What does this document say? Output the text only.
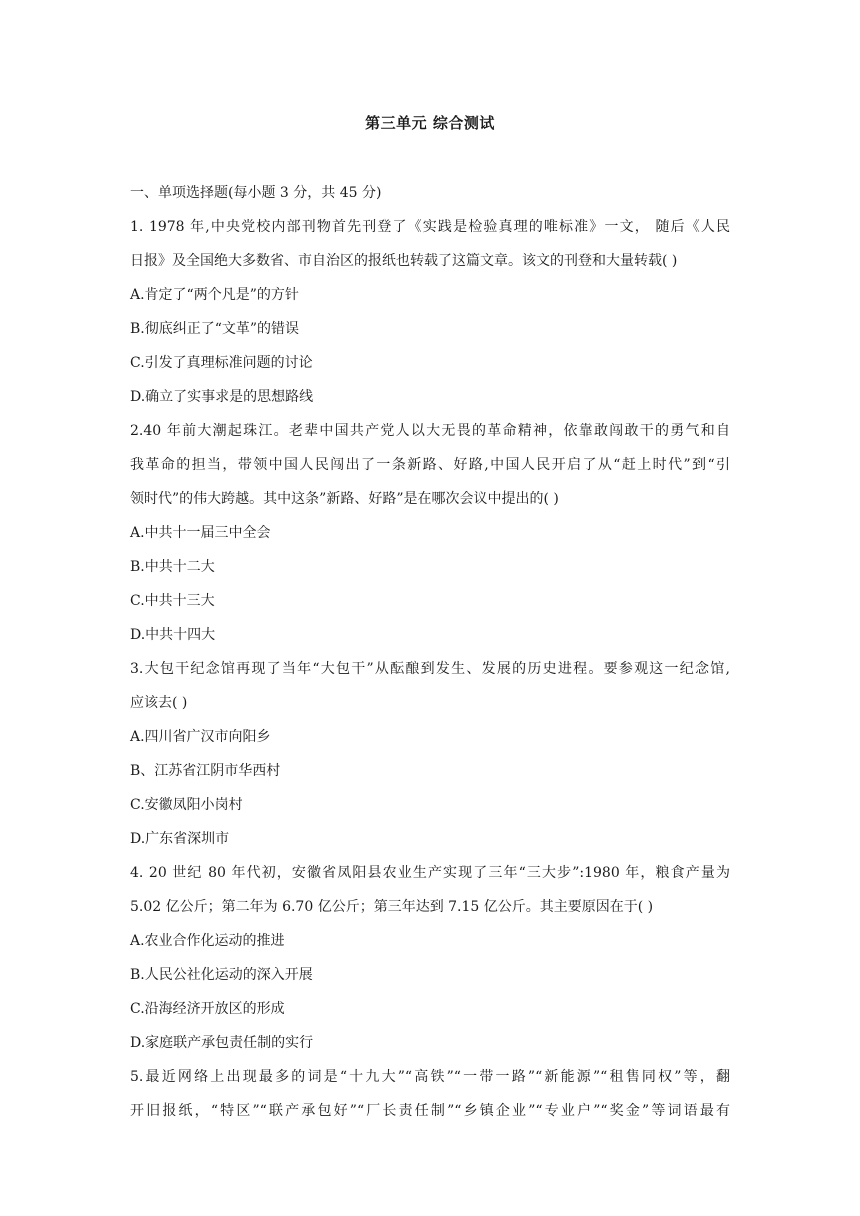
第三单元 综合测试
一、单项选择题(每小题 3 分，共 45 分)
1. 1978 年,中央党校内部刊物首先刊登了《实践是检验真理的唯标准》一文， 随后《人民
日报》及全国绝大多数省、市自治区的报纸也转载了这篇文章。该文的刊登和大量转载( )
A.肯定了“两个凡是”的方针
B.彻底纠正了“文革”的错误
C.引发了真理标准问题的讨论
D.确立了实事求是的思想路线
2.40 年前大潮起珠江。老辈中国共产党人以大无畏的革命精神，依靠敢闯敢干的勇气和自
我革命的担当，带领中国人民闯出了一条新路、好路,中国人民开启了从“赶上时代”到“引
领时代”的伟大跨越。其中这条”新路、好路”是在哪次会议中提出的( )
A.中共十一届三中全会
B.中共十二大
C.中共十三大
D.中共十四大
3.大包干纪念馆再现了当年“大包干”从酝酿到发生、发展的历史进程。要参观这一纪念馆,
应该去( )
A.四川省广汉市向阳乡
B、江苏省江阴市华西村
C.安徽凤阳小岗村
D.广东省深圳市
4. 20 世纪 80 年代初，安徽省凤阳县农业生产实现了三年“三大步”:1980 年，粮食产量为
5.02 亿公斤；第二年为 6.70 亿公斤；第三年达到 7.15 亿公斤。其主要原因在于( )
A.农业合作化运动的推进
B.人民公社化运动的深入开展
C.沿海经济开放区的形成
D.家庭联产承包责任制的实行
5.最近网络上出现最多的词是“十九大”“高铁”“一带一路”“新能源”“租售同权”等，翻
开旧报纸，“特区”“联产承包好”“厂长责任制”“乡镇企业”“专业户”“奖金”等词语最有
